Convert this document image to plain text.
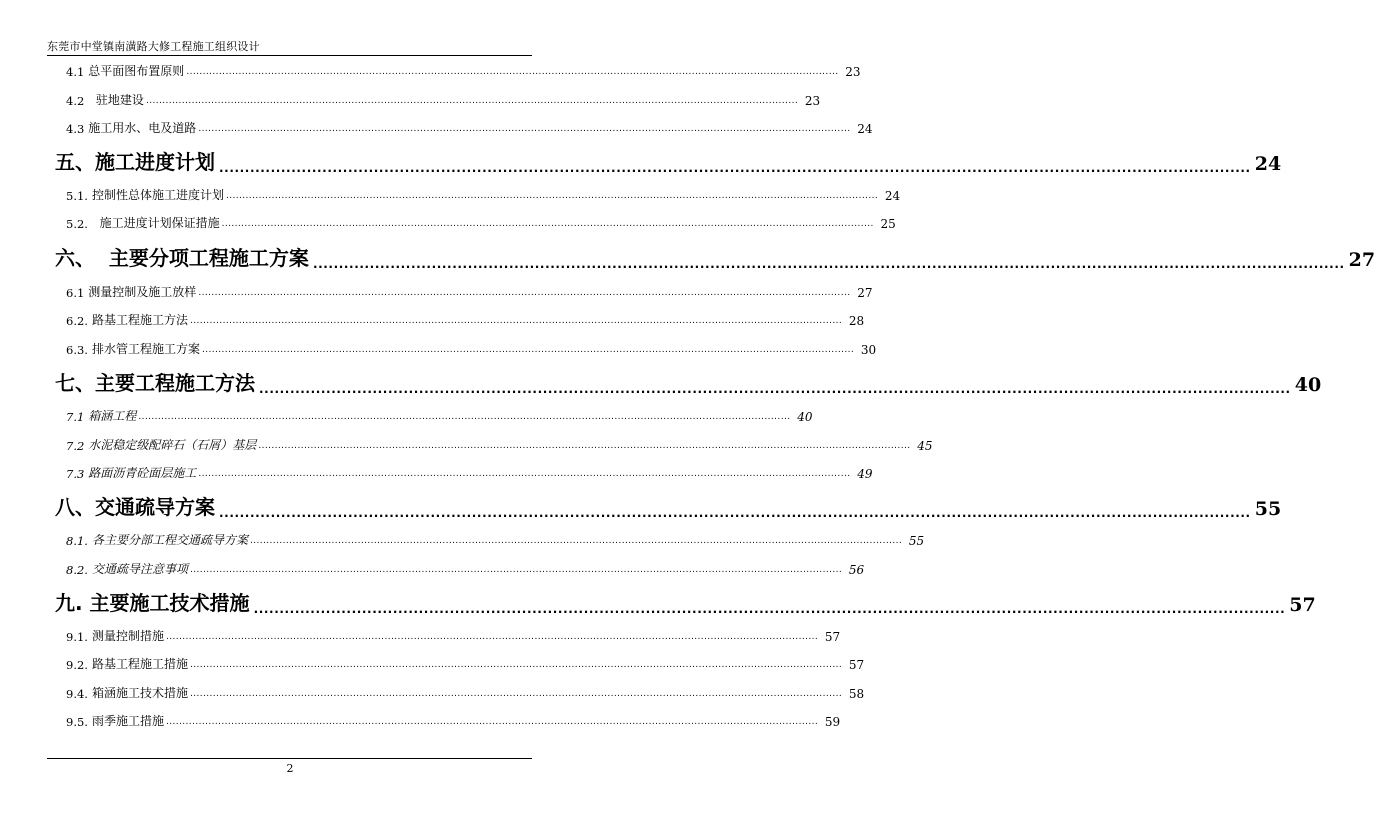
东莞市中堂镇南潢路大修工程施工组织设计
4.1 总平面图布置原则 ........................................................................................................................................................................................................ 23
4.2 驻地建设 ........................................................................................................................................................................................................ 23
4.3 施工用水、电及道路 ........................................................................................................................................................................................................ 24
五、施工进度计划 ........................................................................................................................................................................................................ 24
5.1. 控制性总体施工进度计划 ........................................................................................................................................................................................................ 24
5.2. 施工进度计划保证措施 ........................................................................................................................................................................................................ 25
六、  主要分项工程施工方案 ........................................................................................................................................................................................................ 27
6.1 测量控制及施工放样 ........................................................................................................................................................................................................ 27
6.2. 路基工程施工方法 ........................................................................................................................................................................................................ 28
6.3. 排水管工程施工方案 ........................................................................................................................................................................................................ 30
七、主要工程施工方法 ........................................................................................................................................................................................................ 40
7.1 箱涵工程 ........................................................................................................................................................................................................ 40
7.2 水泥稳定级配碎石（石屑）基层 ........................................................................................................................................................................................................ 45
7.3 路面沥青砼面层施工 ........................................................................................................................................................................................................ 49
八、交通疏导方案 ........................................................................................................................................................................................................ 55
8.1. 各主要分部工程交通疏导方案 ........................................................................................................................................................................................................ 55
8.2. 交通疏导注意事项 ........................................................................................................................................................................................................ 56
九. 主要施工技术措施 ........................................................................................................................................................................................................ 57
9.1. 测量控制措施 ........................................................................................................................................................................................................ 57
9.2. 路基工程施工措施 ........................................................................................................................................................................................................ 57
9.4. 箱涵施工技术措施 ........................................................................................................................................................................................................ 58
9.5. 雨季施工措施 ........................................................................................................................................................................................................ 59
2
